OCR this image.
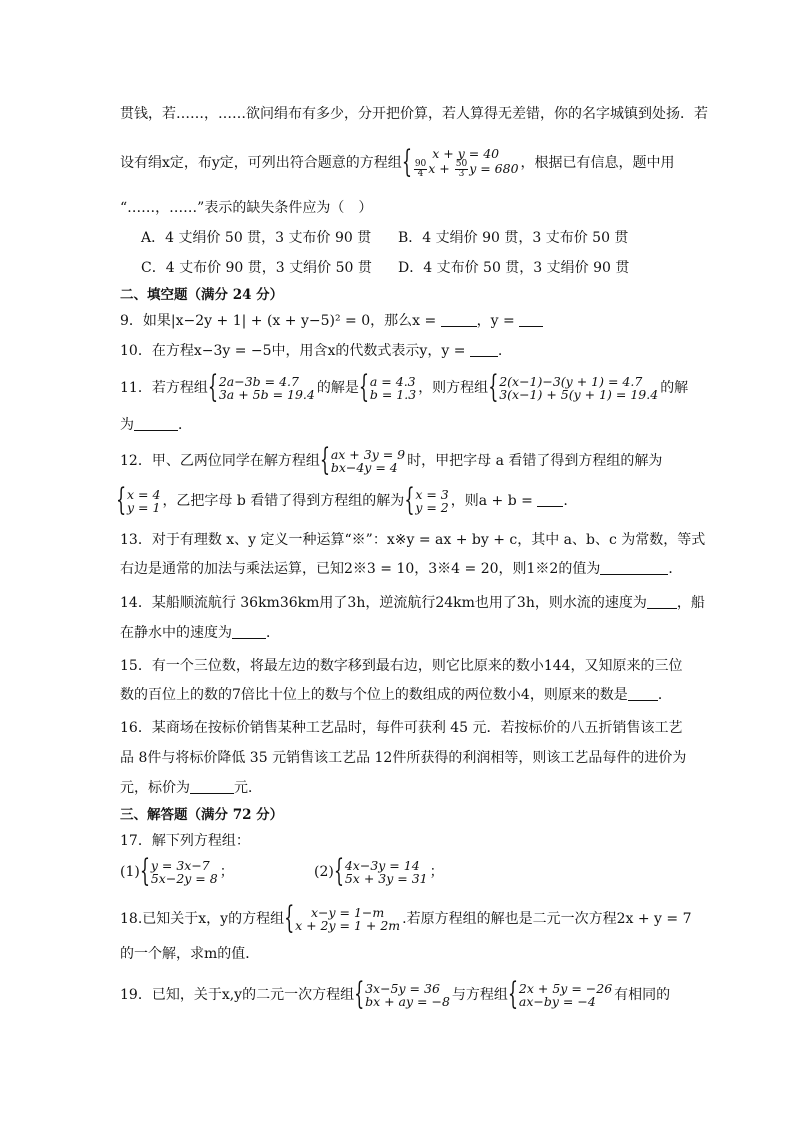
贯钱，若……，……欲问绢布有多少，分开把价算，若人算得无差错，你的名字城镇到处扬．若
设有绢x定，布y定，可列出符合题意的方程组
{ x + y = 40
$\frac{90}{4}$ $x + \frac{50}{3}$ y = 680 ，根据已有信息，题中用
“……，……”表示的缺失条件应为（　）
A．4 丈绢价 50 贯，3 丈布价 90 贯 B．4 丈绢价 90 贯，3 丈布价 50 贯
C．4 丈布价 90 贯，3 丈绢价 50 贯 D．4 丈布价 50 贯，3 丈绢价 90 贯
二、填空题（满分 24 分）
9．如果|x−2y + 1| + (x + y−5)² = 0，那么x =	，y =
10．在方程x−3y = −5中，用含x的代数式表示y，y = .
11．若方程组 { 2a−3b = 4.7
3a + 5b = 19.4 的解是 { a = 4.3
b = 1.3 ，则方程组 { 2(x−1)−3(y + 1) = 4.7
3(x−1) + 5(y + 1) = 19.4 的解
为	．
12．甲、乙两位同学在解方程组 { ax + 3y = 9
bx−4y = 4 时，甲把字母 a 看错了得到方程组的解为
{ x = 4
y = 1 ，乙把字母 b 看错了得到方程组的解为 { x = 3
y = 2 ，则a + b = .
13．对于有理数 x、y 定义一种运算“※”：x※y = ax + by + c，其中 a、b、c 为常数，等式
右边是通常的加法与乘法运算，已知2※3 = 10，3※4 = 20，则1※2的值为	．
14．某船顺流航行 36km36km用了3h，逆流航行24km也用了3h，则水流的速度为 ，船
在静水中的速度为 ．
15．有一个三位数，将最左边的数字移到最右边，则它比原来的数小144，又知原来的三位
数的百位上的数的7倍比十位上的数与个位上的数组成的两位数小4，则原来的数是 ．
16．某商场在按标价销售某种工艺品时，每件可获利 45 元．若按标价的八五折销售该工艺
品 8件与将标价降低 35 元销售该工艺品 12件所获得的利润相等，则该工艺品每件的进价为
元，标价为	元．
三、解答题（满分 72 分）
17．解下列方程组：
(1) { y = 3x−7
5x−2y = 8 ；	(2) { 4x−3y = 14
5x + 3y = 31 ；
18.已知关于x，y的方程组	{ x−y = 1−m
x + 2y = 1 + 2m .若原方程组的解也是二元一次方程2x + y = 7
的一个解，求m的值．
19．已知，关于x,y的二元一次方程组 { 3x−5y = 36
bx + ay = −8 与方程组 { 2x + 5y = −26
ax−by = −4	有相同的
